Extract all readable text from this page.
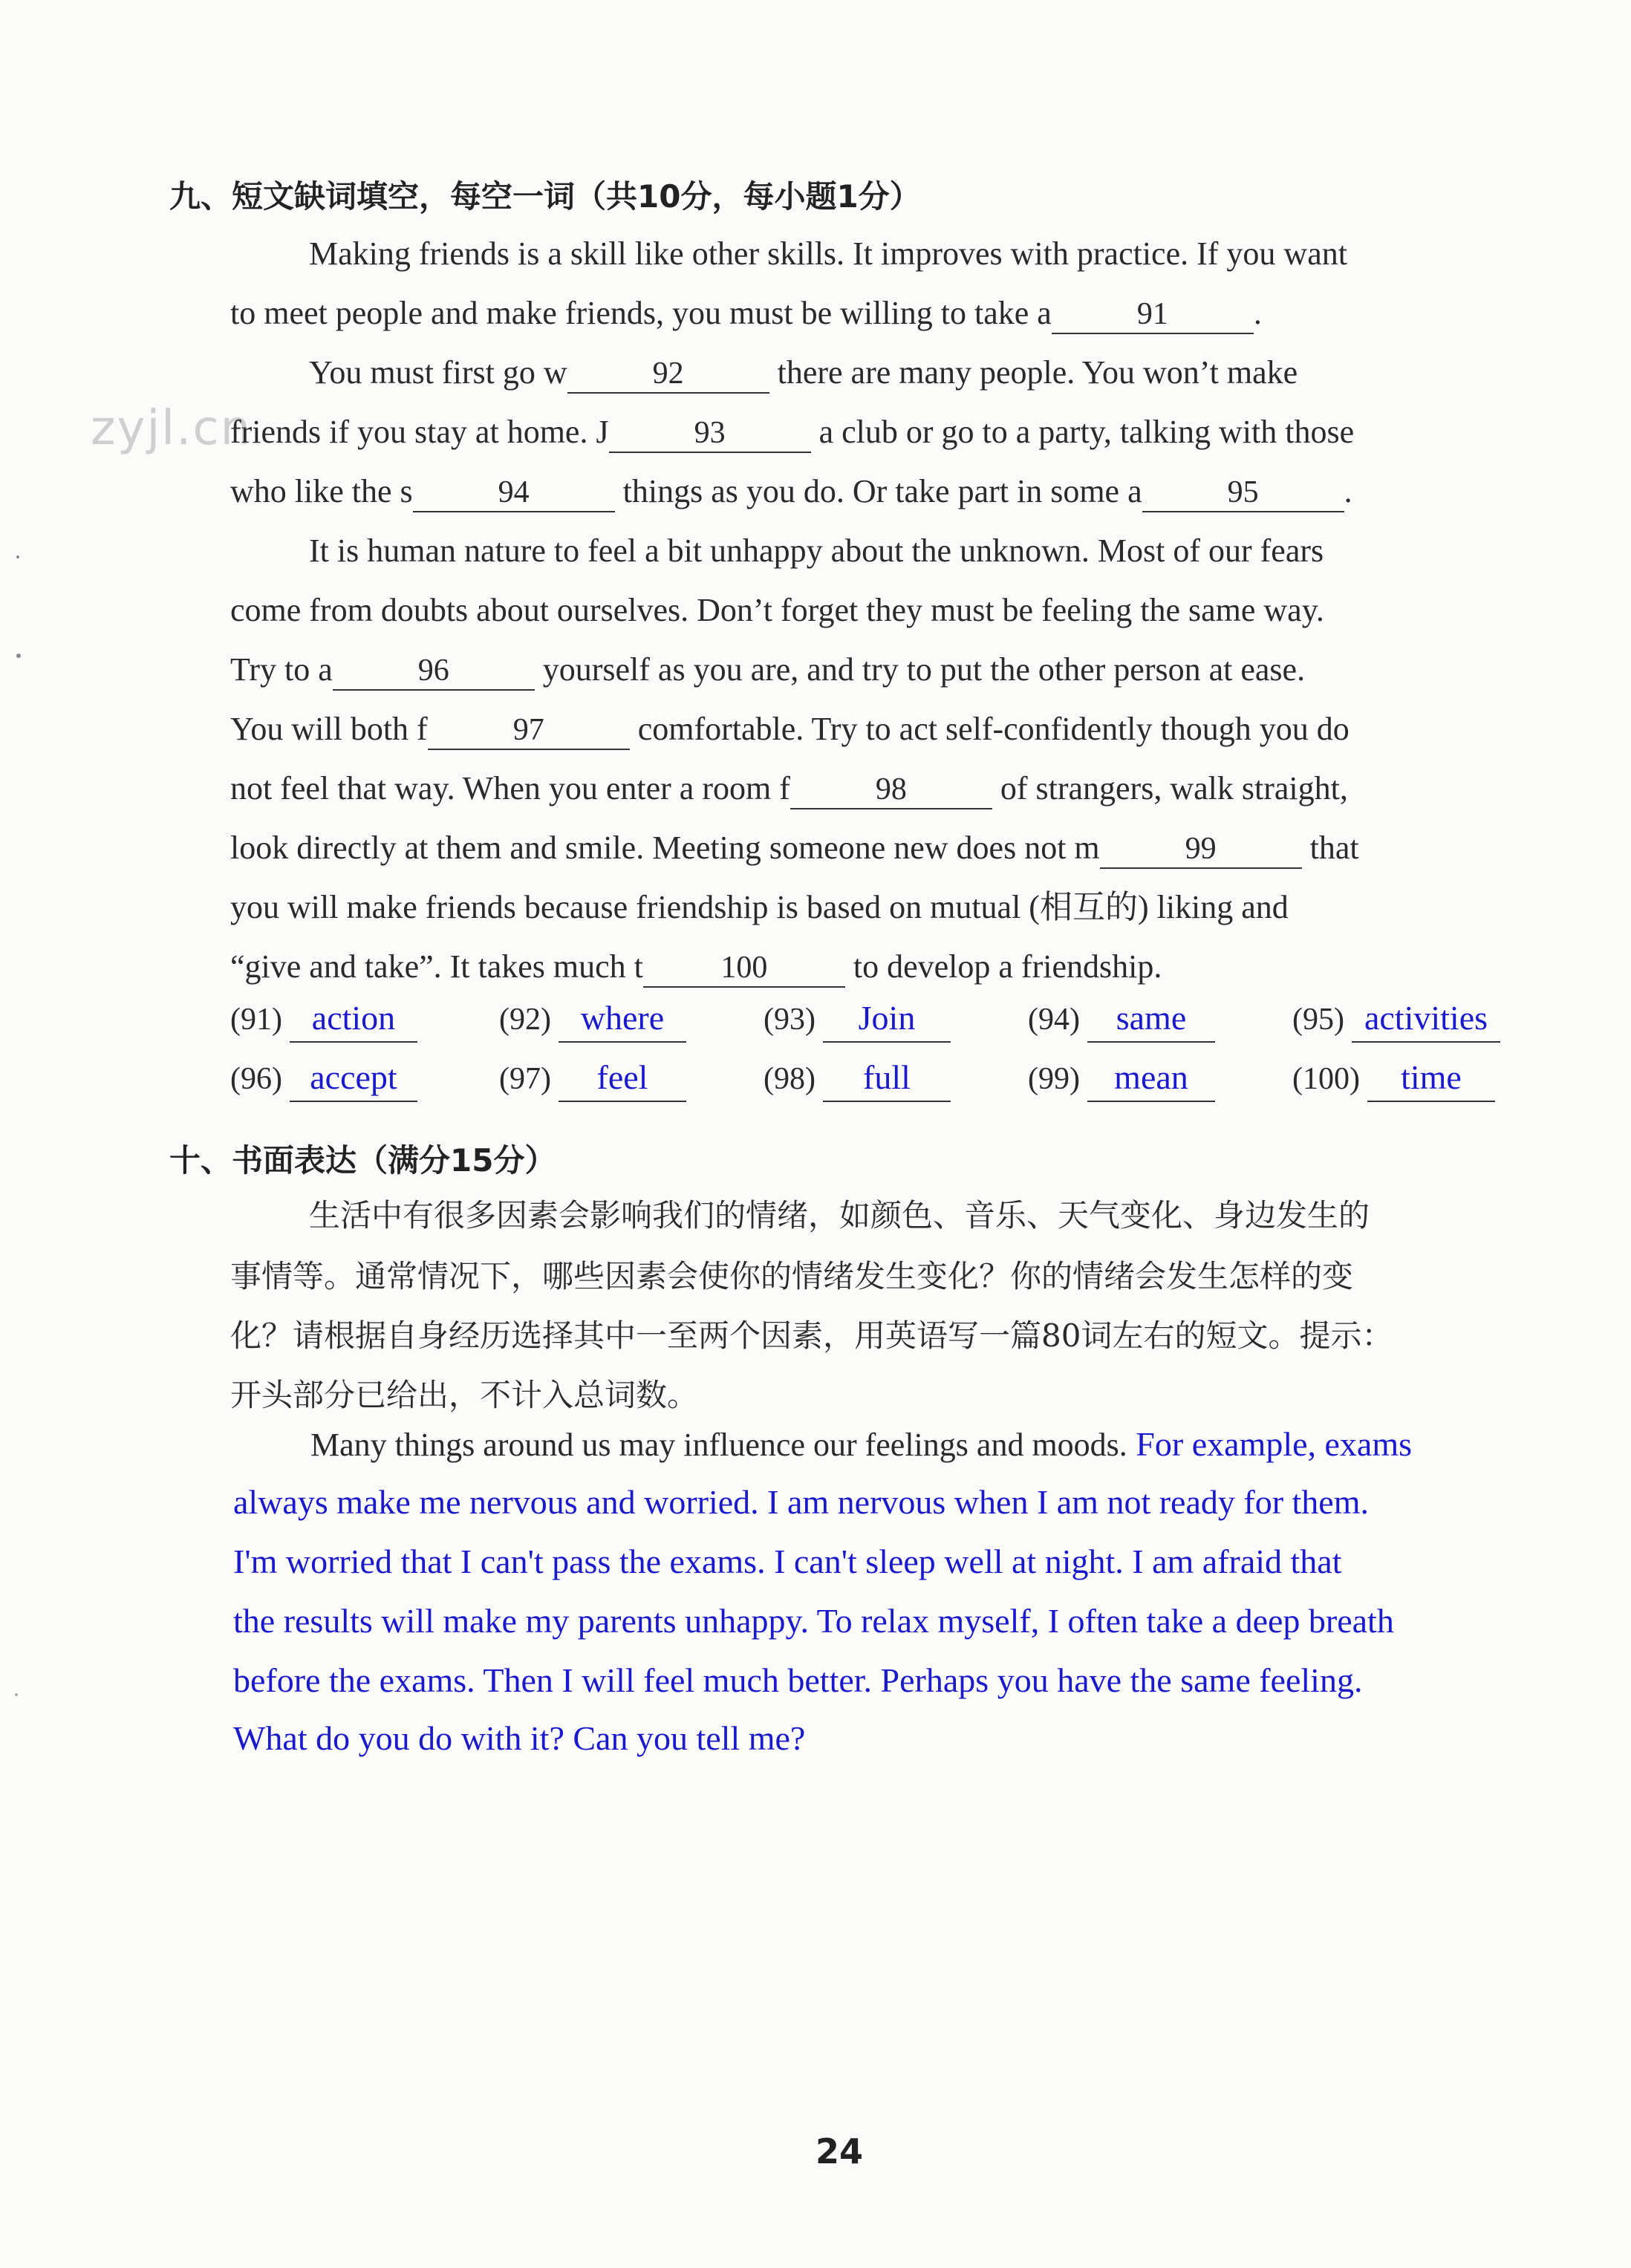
zyjl.cn
九、短文缺词填空，每空一词（共10分，每小题1分）
Making friends is a skill like other skills. It improves with practice. If you want
to meet people and make friends, you must be willing to take a	91	.
You must first go w	92	there are many people. You won’t make
friends if you stay at home. J	93	a club or go to a party, talking with those
who like the s	94	things as you do. Or take part in some a	95	.
It is human nature to feel a bit unhappy about the unknown. Most of our fears
come from doubts about ourselves. Don’t forget they must be feeling the same way.
Try to a	96	yourself as you are, and try to put the other person at ease.
You will both f	97	comfortable. Try to act self-confidently though you do
not feel that way. When you enter a room f	98	of strangers, walk straight,
look directly at them and smile. Meeting someone new does not m	99	that
you will make friends because friendship is based on mutual (相互的) liking and
“give and take”. It takes much t 100 to develop a friendship.
(91) action	(92) where	(93) Join	(94) same	(95) activities
(96) accept	(97) feel	(98) full	(99) mean	(100) time
十、书面表达（满分15分）
生活中有很多因素会影响我们的情绪，如颜色、音乐、天气变化、身边发生的
事情等。通常情况下，哪些因素会使你的情绪发生变化？你的情绪会发生怎样的变
化？请根据自身经历选择其中一至两个因素，用英语写一篇80词左右的短文。提示：
开头部分已给出，不计入总词数。
Many things around us may influence our feelings and moods. For example, exams
always make me nervous and worried. I am nervous when I am not ready for them.
I'm worried that I can't pass the exams. I can't sleep well at night. I am afraid that
the results will make my parents unhappy. To relax myself, I often take a deep breath
before the exams. Then I will feel much better. Perhaps you have the same feeling.
What do you do with it? Can you tell me?
24
